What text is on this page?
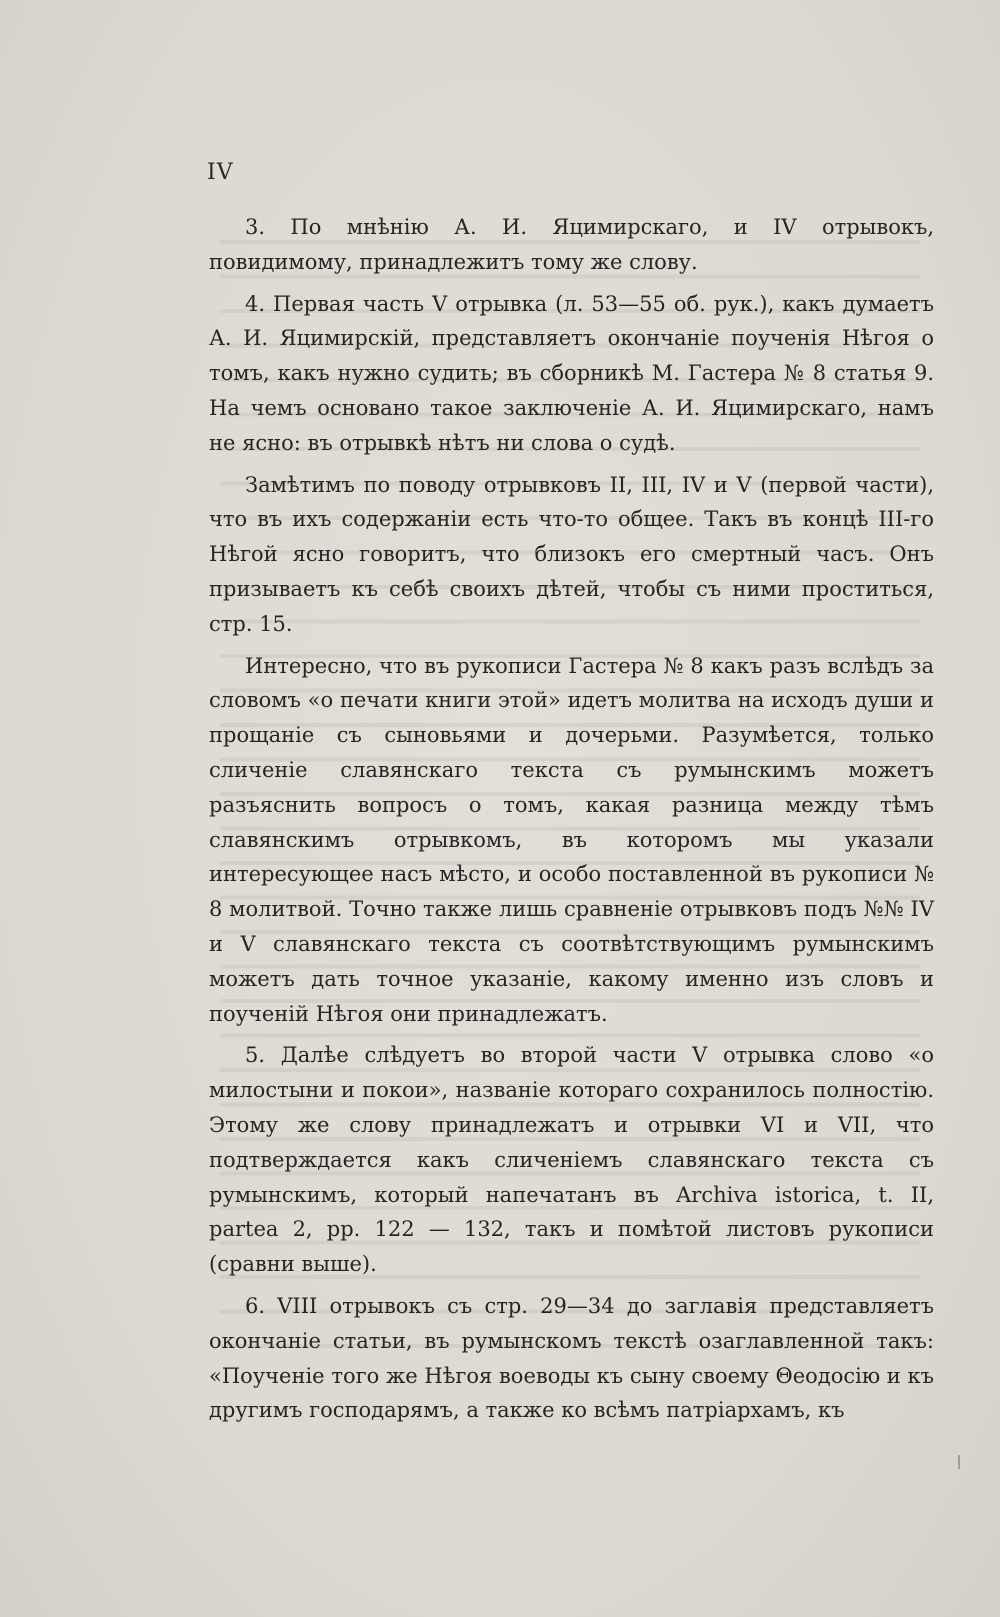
IV

3. По мнѣнію А. И. Яцимирскаго, и IV отрывокъ, повидимому, принадлежитъ тому же слову.

4. Первая часть V отрывка (л. 53—55 об. рук.), какъ думаетъ А. И. Яцимирскій, представляетъ окончаніе поученія Нѣгоя о томъ, какъ нужно судить; въ сборникѣ М. Гастера № 8 статья 9. На чемъ основано такое заключеніе А. И. Яцимирскаго, намъ не ясно: въ отрывкѣ нѣтъ ни слова о судѣ.

Замѣтимъ по поводу отрывковъ II, III, IV и V (первой части), что въ ихъ содержаніи есть что-то общее. Такъ въ концѣ III-го Нѣгой ясно говоритъ, что близокъ его смертный часъ. Онъ призываетъ къ себѣ своихъ дѣтей, чтобы съ ними проститься, стр. 15.

Интересно, что въ рукописи Гастера № 8 какъ разъ вслѣдъ за словомъ «о печати книги этой» идетъ молитва на исходъ души и прощаніе съ сыновьями и дочерьми. Разумѣется, только сличеніе славянскаго текста съ румынскимъ можетъ разъяснить вопросъ о томъ, какая разница между тѣмъ славянскимъ отрывкомъ, въ которомъ мы указали интересующее насъ мѣсто, и особо поставленной въ рукописи № 8 молитвой. Точно также лишь сравненіе отрывковъ подъ №№ IV и V славянскаго текста съ соотвѣтствующимъ румынскимъ можетъ дать точное указаніе, какому именно изъ словъ и поученій Нѣгоя они принадлежатъ.

5. Далѣе слѣдуетъ во второй части V отрывка слово «о милостыни и покои», названіе котораго сохранилось полностію. Этому же слову принадлежатъ и отрывки VI и VII, что подтверждается какъ сличеніемъ славянскаго текста съ румынскимъ, который напечатанъ въ Archiva istorica, t. II, partea 2, pp. 122 — 132, такъ и помѣтой листовъ рукописи (сравни выше).

6. VIII отрывокъ съ стр. 29—34 до заглавія представляетъ окончаніе статьи, въ румынскомъ текстѣ озаглавленной такъ: «Поученіе того же Нѣгоя воеводы къ сыну своему Θеодосію и къ другимъ господарямъ, а также ко всѣмъ патріархамъ, къ
